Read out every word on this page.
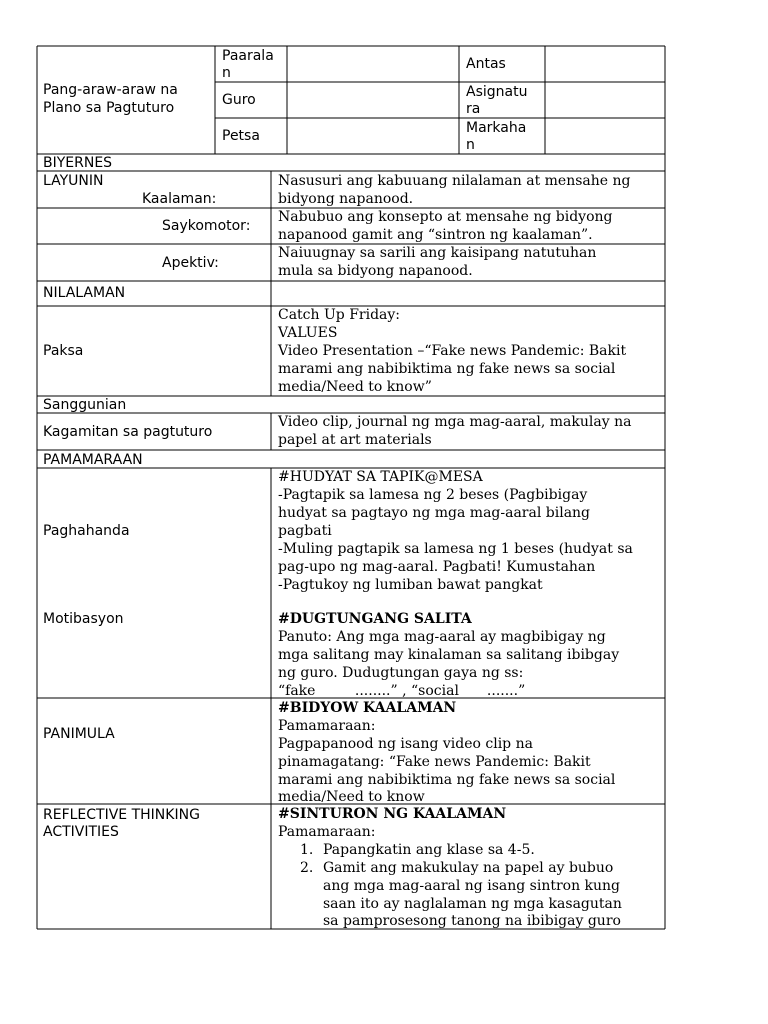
Pang-araw-araw na
Plano sa Pagtuturo
Paarala
n
Guro
Petsa
Antas
Asignatu
ra
Markaha
n
BIYERNES
LAYUNIN
Kaalaman:
Nasusuri ang kabuuang nilalaman at mensahe ng
bidyong napanood.
Saykomotor:
Nabubuo ang konsepto at mensahe ng bidyong
napanood gamit ang “sintron ng kaalaman”.
Apektiv:
Naiuugnay sa sarili ang kaisipang natutuhan
mula sa bidyong napanood.
NILALAMAN
Paksa
Catch Up Friday:
VALUES
Video Presentation –“Fake news Pandemic: Bakit
marami ang nabibiktima ng fake news sa social
media/Need to know”
Sanggunian
Kagamitan sa pagtuturo
Video clip, journal ng mga mag-aaral, makulay na
papel at art materials
PAMAMARAAN
Paghahanda
#HUDYAT SA TAPIK@MESA
-Pagtapik sa lamesa ng 2 beses (Pagbibigay
hudyat sa pagtayo ng mga mag-aaral bilang
pagbati
-Muling pagtapik sa lamesa ng 1 beses (hudyat sa
pag-upo ng mag-aaral. Pagbati! Kumustahan
-Pagtukoy ng lumiban bawat pangkat
Motibasyon	#DUGTUNGANG SALITA
Panuto: Ang mga mag-aaral ay magbibigay ng
mga salitang may kinalaman sa salitang ibibgay
ng guro. Dudugtungan gaya ng ss:
“fake _____........” , “social____.......”
PANIMULA
#BIDYOW KAALAMAN
Pamamaraan:
Pagpapanood ng isang video clip na
pinamagatang: “Fake news Pandemic: Bakit
marami ang nabibiktima ng fake news sa social
media/Need to know
REFLECTIVE THINKING
ACTIVITIES
#SINTURON NG KAALAMAN
Pamamaraan:
1. Papangkatin ang klase sa 4-5.
2. Gamit ang makukulay na papel ay bubuo
ang mga mag-aaral ng isang sintron kung
saan ito ay naglalaman ng mga kasagutan
sa pamprosesong tanong na ibibigay guro
